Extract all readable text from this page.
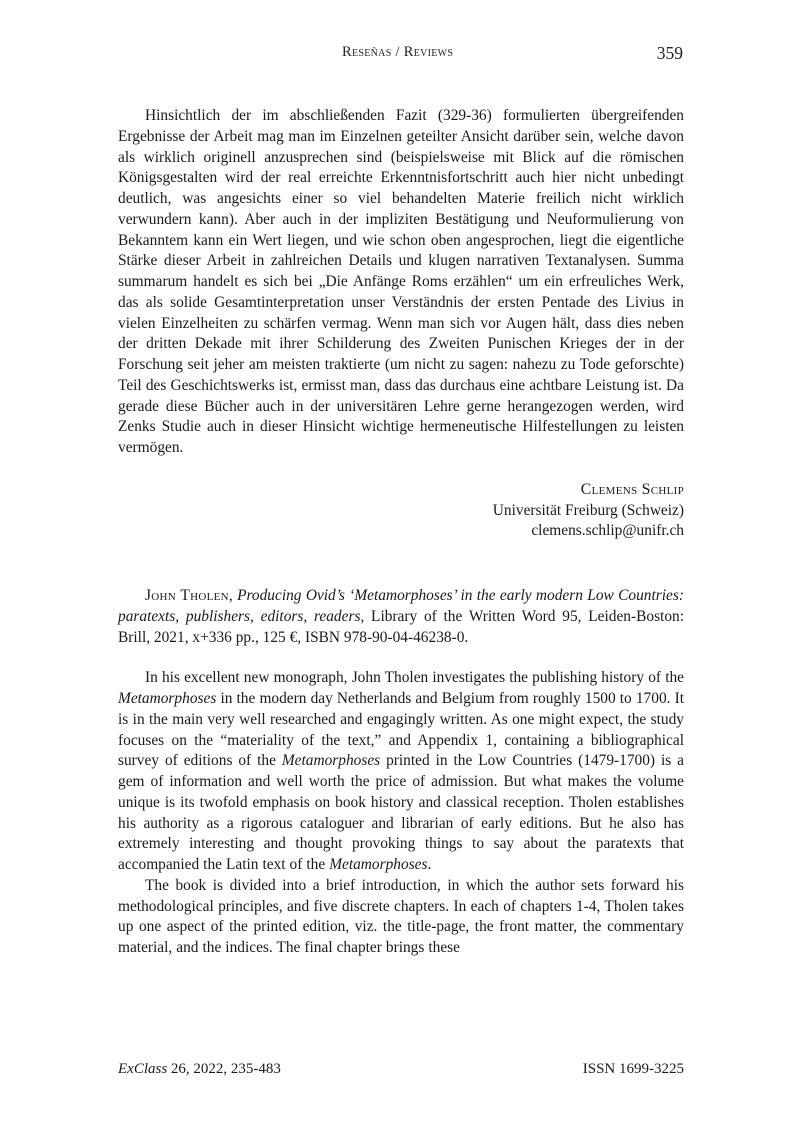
Reseñas / Reviews	359

Hinsichtlich der im abschließenden Fazit (329-36) formulierten übergreifenden Ergebnisse der Arbeit mag man im Einzelnen geteilter Ansicht darüber sein, welche davon als wirklich originell anzusprechen sind (beispielsweise mit Blick auf die römischen Königsgestalten wird der real erreichte Erkenntnisfortschritt auch hier nicht unbedingt deutlich, was angesichts einer so viel behandelten Materie freilich nicht wirklich verwundern kann). Aber auch in der impliziten Bestätigung und Neuformulierung von Bekanntem kann ein Wert liegen, und wie schon oben angesprochen, liegt die eigentliche Stärke dieser Arbeit in zahlreichen Details und klugen narrativen Textanalysen. Summa summarum handelt es sich bei „Die Anfänge Roms erzählen“ um ein erfreuliches Werk, das als solide Gesamtinterpretation unser Verständnis der ersten Pentade des Livius in vielen Einzelheiten zu schärfen vermag. Wenn man sich vor Augen hält, dass dies neben der dritten Dekade mit ihrer Schilderung des Zweiten Punischen Krieges der in der Forschung seit jeher am meisten traktierte (um nicht zu sagen: nahezu zu Tode geforschte) Teil des Geschichtswerks ist, ermisst man, dass das durchaus eine achtbare Leistung ist. Da gerade diese Bücher auch in der universitären Lehre gerne herangezogen werden, wird Zenks Studie auch in dieser Hinsicht wichtige hermeneutische Hilfestellungen zu leisten vermögen.

Clemens Schlip
Universität Freiburg (Schweiz)
clemens.schlip@unifr.ch

John Tholen, Producing Ovid’s ‘Metamorphoses’ in the early modern Low Countries: paratexts, publishers, editors, readers, Library of the Written Word 95, Leiden-Boston: Brill, 2021, x+336 pp., 125 €, ISBN 978-90-04-46238-0.

In his excellent new monograph, John Tholen investigates the publishing history of the Metamorphoses in the modern day Netherlands and Belgium from roughly 1500 to 1700. It is in the main very well researched and engagingly written. As one might expect, the study focuses on the “materiality of the text,” and Appendix 1, containing a bibliographical survey of editions of the Metamorphoses printed in the Low Countries (1479-1700) is a gem of information and well worth the price of admission. But what makes the volume unique is its twofold emphasis on book history and classical reception. Tholen establishes his authority as a rigorous cataloguer and librarian of early editions. But he also has extremely interesting and thought provoking things to say about the paratexts that accompanied the Latin text of the Metamorphoses.

The book is divided into a brief introduction, in which the author sets forward his methodological principles, and five discrete chapters. In each of chapters 1-4, Tholen takes up one aspect of the printed edition, viz. the title-page, the front matter, the commentary material, and the indices. The final chapter brings these

ExClass 26, 2022, 235-483	ISSN 1699-3225
